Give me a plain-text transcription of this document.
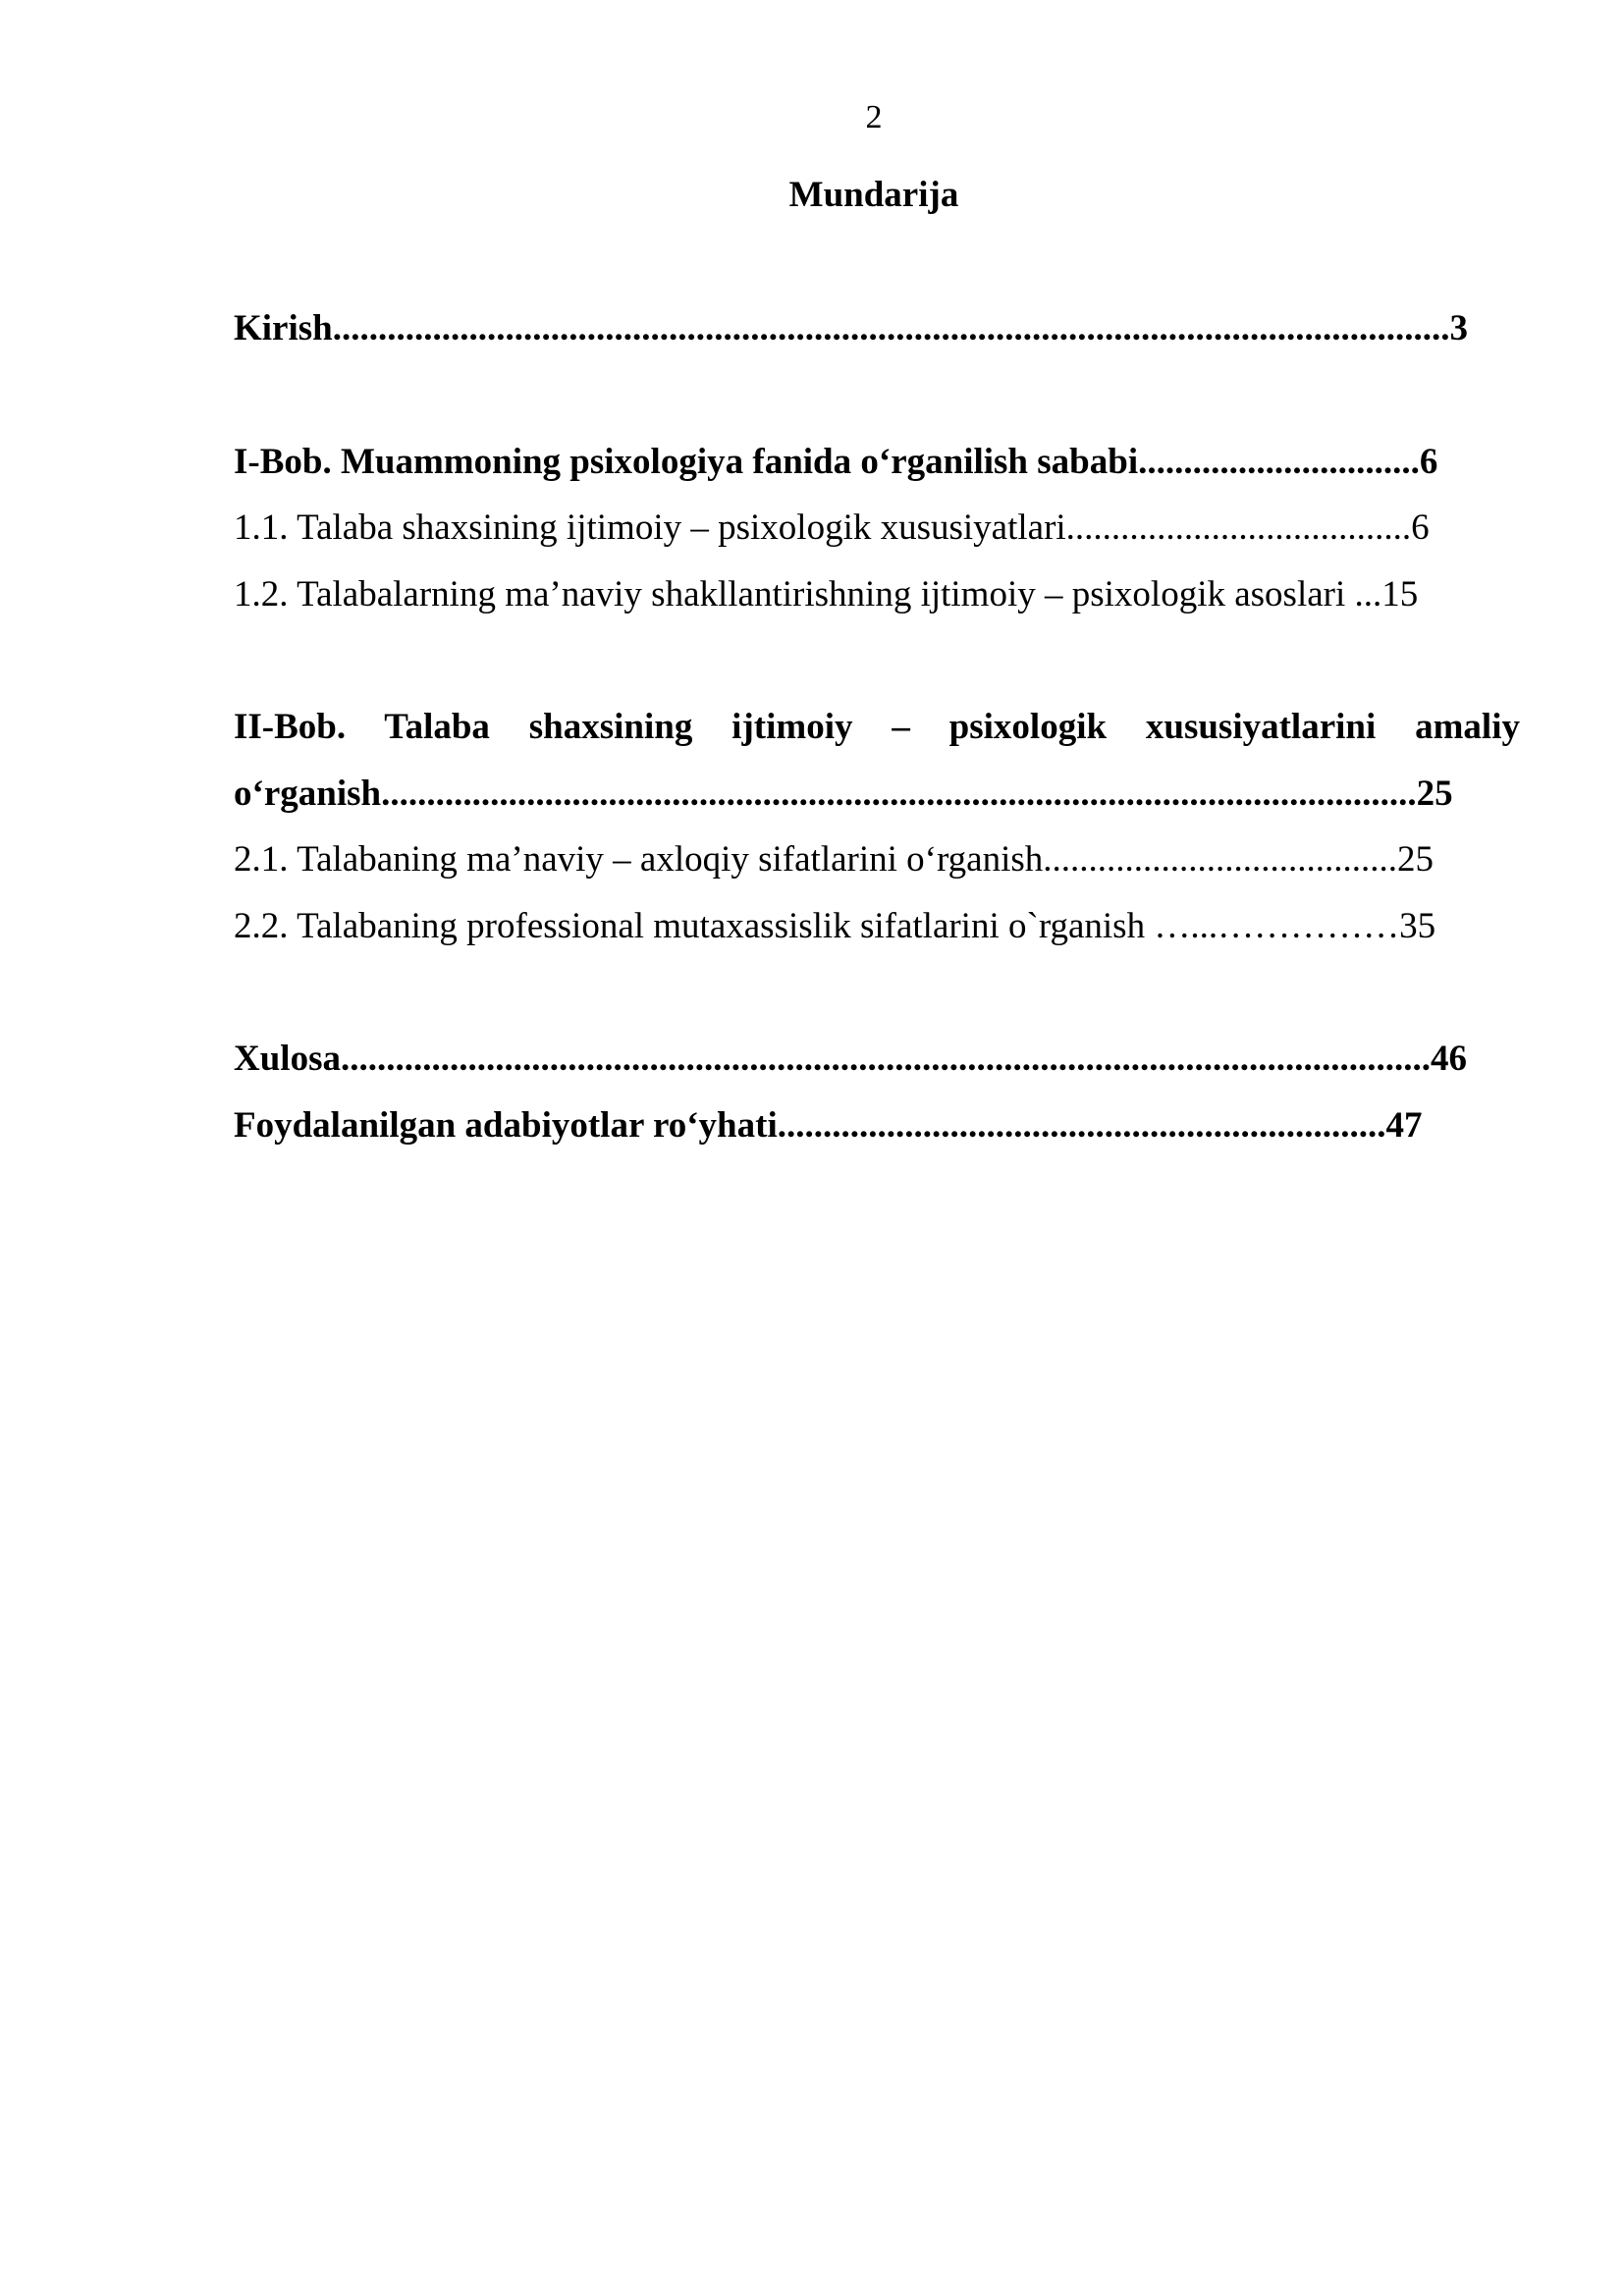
2
Mundarija
Kirish...........................................................................................................................3
I-Bob. Muammoning psixologiya fanida o‘rganilish sababi...............................6
1.1. Talaba shaxsining ijtimoiy – psixologik xususiyatlari......................................6
1.2. Talabalarning ma’naviy shakllantirishning ijtimoiy – psixologik asoslari ...15
II-Bob. Talaba shaxsining ijtimoiy – psixologik xususiyatlarini amaliy
o‘rganish..................................................................................................................25
2.1. Talabaning ma’naviy – axloqiy sifatlarini o‘rganish.......................................25
2.2. Talabaning professional mutaxassislik sifatlarini o`rganish …...……………35
Xulosa........................................................................................................................46
Foydalanilgan adabiyotlar ro‘yhati...................................................................47
